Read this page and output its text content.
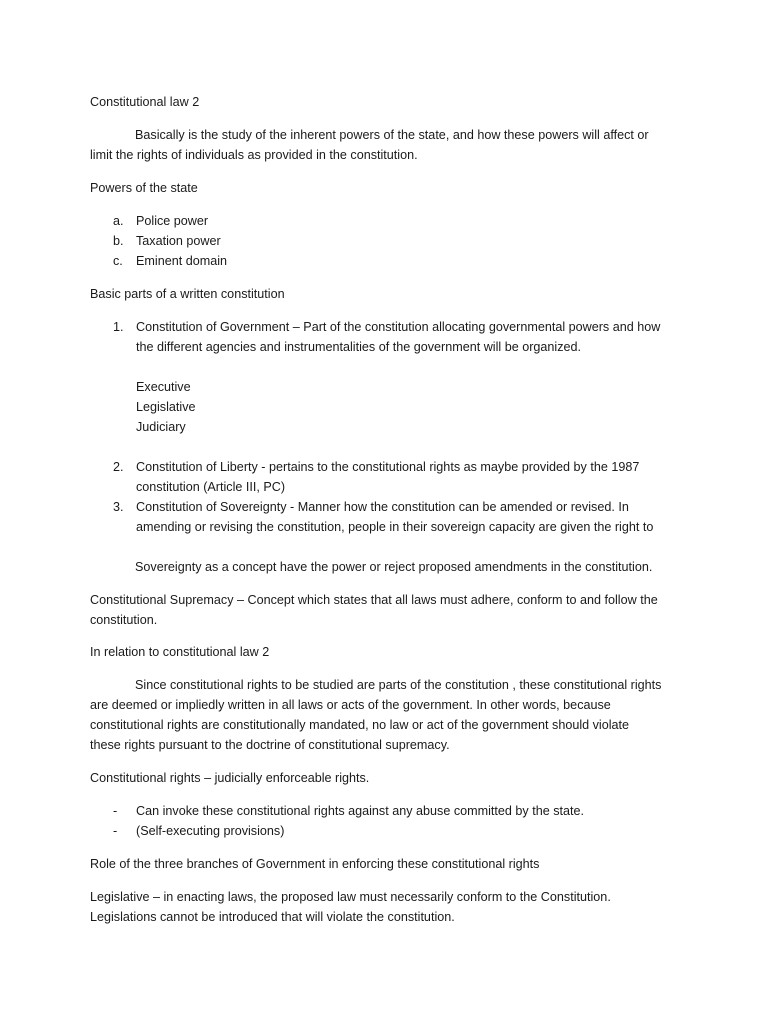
Constitutional law 2
Basically is the study of the inherent powers of the state, and how these powers will affect or
limit the rights of individuals as provided in the constitution.
Powers of the state
a. Police power
b. Taxation power
c. Eminent domain
Basic parts of a written constitution
1. Constitution of Government – Part of the constitution allocating governmental powers and how
the different agencies and instrumentalities of the government will be organized.
Executive
Legislative
Judiciary
2. Constitution of Liberty - pertains to the constitutional rights as maybe provided by the 1987
constitution (Article III, PC)
3. Constitution of Sovereignty - Manner how the constitution can be amended or revised. In
amending or revising the constitution, people in their sovereign capacity are given the right to
Sovereignty as a concept have the power or reject proposed amendments in the constitution.
Constitutional Supremacy – Concept which states that all laws must adhere, conform to and follow the
constitution.
In relation to constitutional law 2
Since constitutional rights to be studied are parts of the constitution , these constitutional rights
are deemed or impliedly written in all laws or acts of the government. In other words, because
constitutional rights are constitutionally mandated, no law or act of the government should violate
these rights pursuant to the doctrine of constitutional supremacy.
Constitutional rights – judicially enforceable rights.
- Can invoke these constitutional rights against any abuse committed by the state.
- (Self-executing provisions)
Role of the three branches of Government in enforcing these constitutional rights
Legislative – in enacting laws, the proposed law must necessarily conform to the Constitution.
Legislations cannot be introduced that will violate the constitution.
